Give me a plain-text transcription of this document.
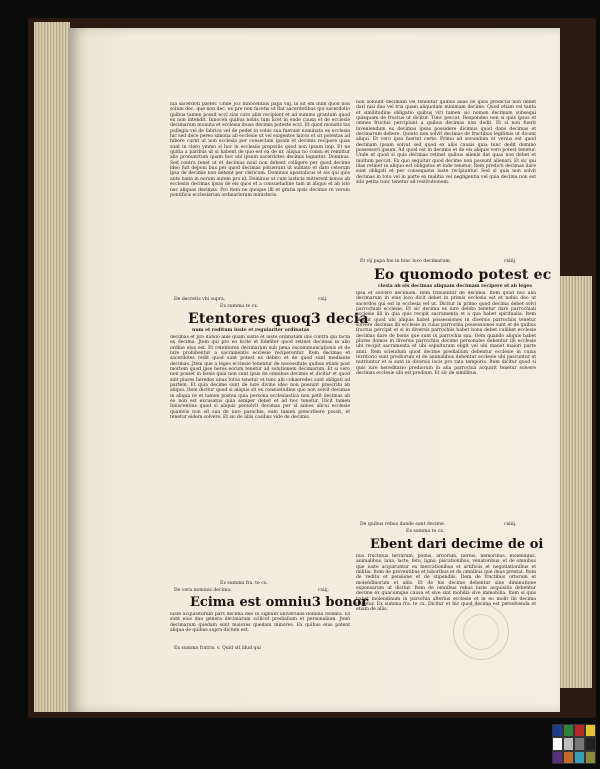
nia sacerdoti pzeter. Unde Jo3 Innocentius papa viij. in sit em dum quod non solum dec. que non dec. ex pre non facetis ut fiat sacerdotibus qui sacerdotio quibus tamen possit eccl sias curo aliis recipient et ad summo grantum quod ex non intendit. Innocen quibus nobis tum licet in eade causa et de ecclesie decimarum monuta et ecclesia ibusa decimis poteste eccl. Et quod monstis tas pullegia vel de fabrice vel de pedet in vobis sua fuerunt nominata ex ecclesia hic sed dece pereo simona ab ecclesie ut vel exigentes laicos et sit potestas ad hibere curnt ut non ecclesia per consectam ipsam et decimis recipere quas sunt in clero ymmo si hoc in ecclesiis preporiis quod non ipsum imp. Et ne quitia a paribus ut si habent de quo est ea de nr. aliqua no consu et remittur alio pronunctum quam hoc ubi ipsum sacerdotes decimis leguntur. Dominus. Sed contra tenet ut et decimus noui non debent colligere per quod decime ideo fuit deponi bus per quod decimas potuerunt ut sublato et dato ceterum ipsa de decimis non debent per clericum. Dominus apostolicus et eis qui quis ante bana in eorum autem pro id. Dominus ut cum iusticia mitterent bonos ab ecclesiis decimas ipsas de eis quos et a consuetudine tam in aliquo et ab isto nec aliquas decimas. Pro item ne quoque illi et gratia ipsis decimis re verum pontificis ecclesiarum ordinariorum ministerio.

De decretis vbi supra.	cxij.

Ex summa te cx.

Etentores quoq3 decia

num et reditum iuste et regulariter ordinatas

decimas et pro dando aliis quam iustis et iuste ordinatam illis contra qui facta ex decima. Jtem qui pro eo licite et fideliter quod retinet decimas in alio ordine eius est. Et retentores decimarum sub pena excommunicationis et de iure prohibentur a sacramentis ecclesie reciperentur. Item decimas et sacerdotes redit quod sunt potest ex debito et de quod sunt mediante decimas. Jtem que a leges ecclesie tenentur de necessitate quibus etiam post mortem quod ipse heres eorum tenetur ad solutionem decimarum. Et si vero non posset in bonis quia non sunt ipsis de omnibus decimis et dicitur et quod sint plures heredes unus totus tenetur et tunc alii cohaeredes sunt obligati ad partem. Et quia decime sunt de iure divino ideo non possunt prescribi ab aliquo. Item dicitur quod si aliquis sit ex consuetudine quo non solvit decimas in aliqua re et tamen postea quia persona ecclesiastica non petit decimas ab eo non est excusatus quia semper debet et ad hoc tenetur. Dicit tamen Innocentius quod si aliquis persolvit decimas per xl annos alicui ecclesie quamvis non sit sua de iure parochie, eam tamen prescribere possit, et tenetur eidem solvere. Et sic de aliis casibus vide de decimis.

Ex summa fra. te cx.

De vera nominis decima.	cxiij.

Ecima est omniu3 bonor

iuste acquisitorum pars decima deo in signum universalis dominii reddita. Et sunt eius duo genera decimarum scilicet predialium et personalium. Jtem decimarum quedam sunt maiores quedam minores. Ex quibus eius patent aliqua de quibus supra dictum est.

Ex summa fratris. v. Quid sit illud qui

non soluunt decimam vel tenentur quibus alias de ipsis predictis non debet dari nisi duo vel tria quam aliquotam minimam decime. Quod etiam vel tanta et similitudine obligatio quibus viri tamen sic nomen decimam subsequi quisquam de fructus ut dicitur. Tunc peccat. Respondeo non si quis ipsos et omnes fructus percipiunt a quibus decimas non dedit. Et si non fuerit inveniendum ex decimas ipsas possidere dicimus quod dans decimas et decimarum debere. Quinto non solvit decimas de fructibus legitimis ut dicunt aliqui. Et vero ipsa fuerint certe. Primo ad secundum et verius est quod decimam ipsam solvat sed quod ex aliis causis quia tunc dedit domino possessori ipsum. Ad quod est in decimis et de eis aliquis vero potest tenetur. Unde et quod si quis decimas retinet quibus alienis dat quas non debet et multum peccat. Ex quo sequitur quod decime non possunt alienari. Et sic qui illas retinet in aliquo est obligatus et inde tenetur. Item predicti decimas dare sunt obligati et per consequens iuste recipiuntur. Sed si quis non solvit decimas in toto vel in parte ex malitia vel negligentia vel quia decima non est sibi petita tunc tenetur ad restitutionem.

Et vij papa hie in hinc loco decimarum.	cxiiij.

Eo quomodo potest ec

clesia ab eis decimas aliquam decimam recipere et ab leges

ipsa et solvere decimam. Item tribuentur de decimis. Item quod hoc alia decimarum in eius loco dicit debet in primis ecclesia est et nobis deo ut sacerdos qui est in ecclesia vel ut. Dicitur in primo quod decima debet solvi parrochiali ecclesie. Et sic decima ex iure debito tenetur dare parrochiali ecclesie illi in qua quis recipit sacramenta et a qua habet spiritualia. Item dicitur quod ubi aliquis habet possessiones in diversis parrochiis tenetur solvere decimas illi ecclesie in cuius parrochia possessiones sunt et de quibus fructus percipit et si in diversis parrochiis habet bona debet cuilibet ecclesie decimas dare de bonis que sunt in parrochia sua. Item quando aliquis habet plures domos in diversis parrochiis decime personales debentur illi ecclesie ubi recipit sacramenta et ubi sepulturam eligit vel ubi manet maiori parte anni. Item sciendum quod decime predialium debentur ecclesie in cuius territorio sunt prediorum et de animalibus debentur ecclesie ubi pascuntur et nutriuntur et si sunt in diversis locis pro rata temporis. Item dicitur quod si quis iure hereditario prediorum in alia parrochia acquirit tenetur solvere decimas ecclesie ubi est predium. Et sic de similibus.

De quibus rebus dande sunt decime.	cxiiij.

Ex summa te cx.

Ebent dari decime de oi

bus fructibus terrarum, pomis, arborum, herbis, nemoribus, molendinis, animalibus, lana, lacte, fetu, ligno, piscationibus, venatoribus, et de omnibus que iuste acquiruntur ex mercationibus et artificiis et negotiationibus et militia. Item de proventibus et laboribus et de omnibus que deus prestat. Item de reditu et pensione et de stipendiis. Item de fructibus ortorum et molendinorum et aliis. Et de his decime debentur sine diminutione expensarum ut dicitur. Item de omnibus rebus iuste acquisitis debentur decime ex quacumque causa et sive sint mobilia sive immobilia. Item si quis habet molendinum in parochia alterius ecclesie et in eo molit ibi decima debetur. Ex summa fra. te cx. Dicitur et hic quod decima est persolvenda et etiam de aliis.
